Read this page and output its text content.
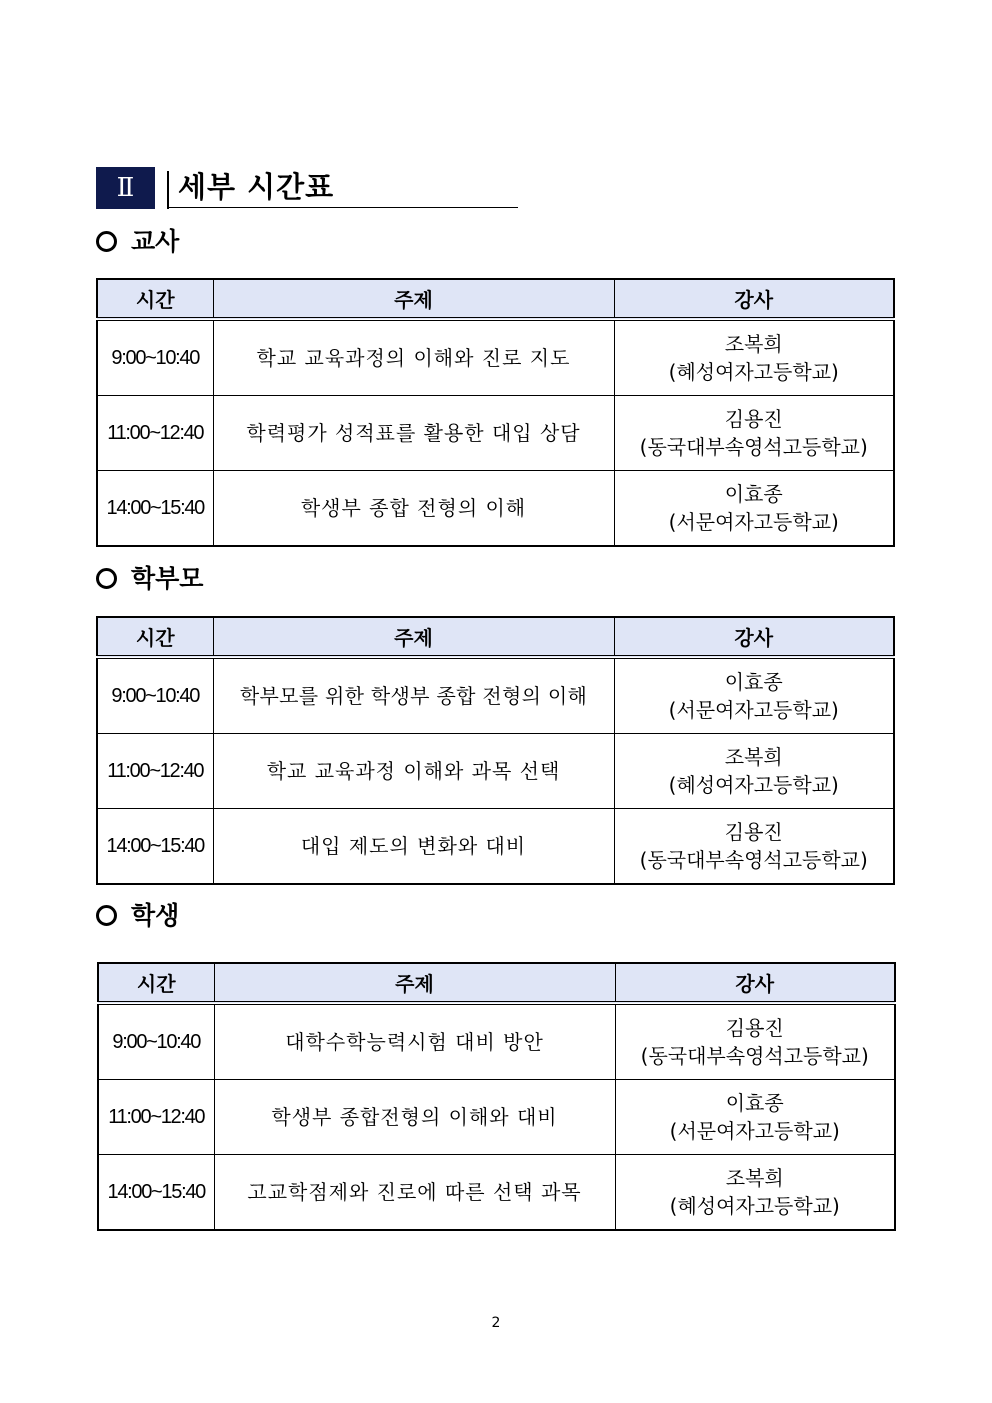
Ⅱ	세부 시간표
교사
시간	주제	강사
9:00~10:40	학교 교육과정의 이해와 진로 지도	조복희
(혜성여자고등학교)

11:00~12:40	학력평가 성적표를 활용한 대입 상담	김용진
(동국대부속영석고등학교)

14:00~15:40	학생부 종합 전형의 이해	이효종
(서문여자고등학교)
학부모
시간	주제	강사
9:00~10:40	학부모를 위한 학생부 종합 전형의 이해	이효종
(서문여자고등학교)

11:00~12:40	학교 교육과정 이해와 과목 선택	조복희
(혜성여자고등학교)

14:00~15:40	대입 제도의 변화와 대비	김용진
(동국대부속영석고등학교)
학생
시간	주제	강사
9:00~10:40	대학수학능력시험 대비 방안	김용진
(동국대부속영석고등학교)

11:00~12:40	학생부 종합전형의 이해와 대비	이효종
(서문여자고등학교)

14:00~15:40	고교학점제와 진로에 따른 선택 과목	조복희
(혜성여자고등학교)
2
